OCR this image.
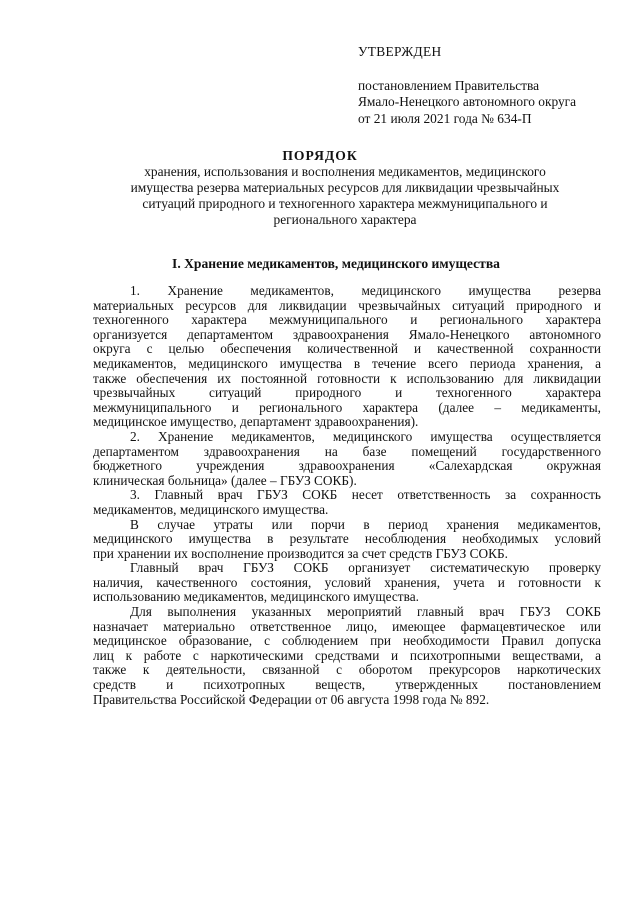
УТВЕРЖДЕН
постановлением Правительства
Ямало-Ненецкого автономного округа
от 21 июля 2021 года № 634-П
ПОРЯДОК
хранения, использования и восполнения медикаментов, медицинского
имущества резерва материальных ресурсов для ликвидации чрезвычайных
ситуаций природного и техногенного характера межмуниципального и
регионального характера
I. Хранение медикаментов, медицинского имущества
1. Хранение медикаментов, медицинского имущества резерва
материальных ресурсов для ликвидации чрезвычайных ситуаций природного и
техногенного характера межмуниципального и регионального характера
организуется департаментом здравоохранения Ямало-Ненецкого автономного
округа с целью обеспечения количественной и качественной сохранности
медикаментов, медицинского имущества в течение всего периода хранения, а
также обеспечения их постоянной готовности к использованию для ликвидации
чрезвычайных ситуаций природного и техногенного характера
межмуниципального и регионального характера (далее – медикаменты,
медицинское имущество, департамент здравоохранения).
2. Хранение медикаментов, медицинского имущества осуществляется
департаментом здравоохранения на базе помещений государственного
бюджетного учреждения здравоохранения «Салехардская окружная
клиническая больница» (далее – ГБУЗ СОКБ).
3. Главный врач ГБУЗ СОКБ несет ответственность за сохранность
медикаментов, медицинского имущества.
В случае утраты или порчи в период хранения медикаментов,
медицинского имущества в результате несоблюдения необходимых условий
при хранении их восполнение производится за счет средств ГБУЗ СОКБ.
Главный врач ГБУЗ СОКБ организует систематическую проверку
наличия, качественного состояния, условий хранения, учета и готовности к
использованию медикаментов, медицинского имущества.
Для выполнения указанных мероприятий главный врач ГБУЗ СОКБ
назначает материально ответственное лицо, имеющее фармацевтическое или
медицинское образование, с соблюдением при необходимости Правил допуска
лиц к работе с наркотическими средствами и психотропными веществами, а
также к деятельности, связанной с оборотом прекурсоров наркотических
средств и психотропных веществ, утвержденных постановлением
Правительства Российской Федерации от 06 августа 1998 года № 892.
